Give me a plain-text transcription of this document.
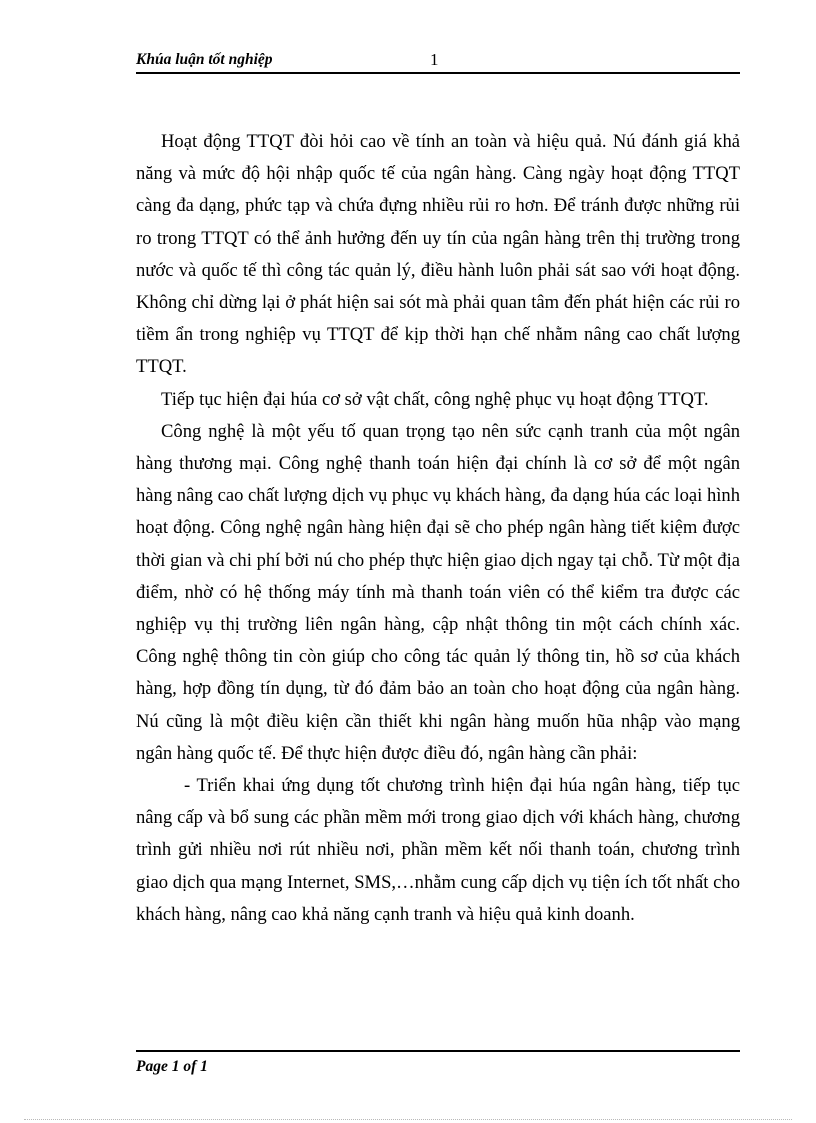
Khúa luận tốt nghiệp	1

Hoạt động TTQT đòi hỏi cao về tính an toàn và hiệu quả. Nú đánh giá khả năng và mức độ hội nhập quốc tế của ngân hàng. Càng ngày hoạt động TTQT càng đa dạng, phức tạp và chứa đựng nhiều rủi ro hơn. Để tránh được những rủi ro trong TTQT có thể ảnh hưởng đến uy tín của ngân hàng trên thị trường trong nước và quốc tế thì công tác quản lý, điều hành luôn phải sát sao với hoạt động. Không chỉ dừng lại ở phát hiện sai sót mà phải quan tâm đến phát hiện các rủi ro tiềm ẩn trong nghiệp vụ TTQT để kịp thời hạn chế nhằm nâng cao chất lượng TTQT.

Tiếp tục hiện đại húa cơ sở vật chất, công nghệ phục vụ hoạt động TTQT.

Công nghệ là một yếu tố quan trọng tạo nên sức cạnh tranh của một ngân hàng thương mại. Công nghệ thanh toán hiện đại chính là cơ sở để một ngân hàng nâng cao chất lượng dịch vụ phục vụ khách hàng, đa dạng húa các loại hình hoạt động. Công nghệ ngân hàng hiện đại sẽ cho phép ngân hàng tiết kiệm được thời gian và chi phí bởi nú cho phép thực hiện giao dịch ngay tại chỗ. Từ một địa điểm, nhờ có hệ thống máy tính mà thanh toán viên có thể kiểm tra được các nghiệp vụ thị trường liên ngân hàng, cập nhật thông tin một cách chính xác. Công nghệ thông tin còn giúp cho công tác quản lý thông tin, hồ sơ của khách hàng, hợp đồng tín dụng, từ đó đảm bảo an toàn cho hoạt động của ngân hàng. Nú cũng là một điều kiện cần thiết khi ngân hàng muốn hũa nhập vào mạng ngân hàng quốc tế. Để thực hiện được điều đó, ngân hàng cần phải:

- Triển khai ứng dụng tốt chương trình hiện đại húa ngân hàng, tiếp tục nâng cấp và bổ sung các phần mềm mới trong giao dịch với khách hàng, chương trình gửi nhiều nơi rút nhiều nơi, phần mềm kết nối thanh toán, chương trình giao dịch qua mạng Internet, SMS,…nhằm cung cấp dịch vụ tiện ích tốt nhất cho khách hàng, nâng cao khả năng cạnh tranh và hiệu quả kinh doanh.

Page 1 of 1
